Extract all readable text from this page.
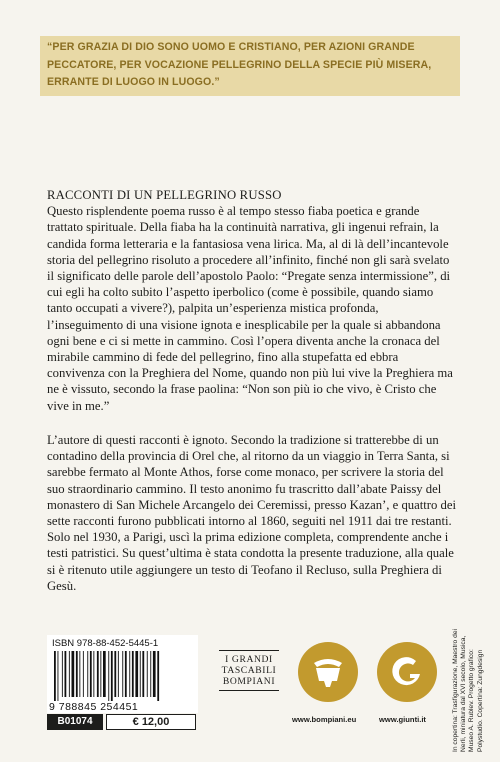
“PER GRAZIA DI DIO SONO UOMO E CRISTIANO, PER AZIONI GRANDE PECCATORE, PER VOCAZIONE PELLEGRINO DELLA SPECIE PIÙ MISERA, ERRANTE DI LUOGO IN LUOGO.”

RACCONTI DI UN PELLEGRINO RUSSO

Questo risplendente poema russo è al tempo stesso fiaba poetica e grande trattato spirituale. Della fiaba ha la continuità narrativa, gli ingenui refrain, la candida forma letteraria e la fantasiosa vena lirica. Ma, al di là dell’incantevole storia del pellegrino risoluto a procedere all’infinito, finché non gli sarà svelato il significato delle parole dell’apostolo Paolo: “Pregate senza intermissione”, di cui egli ha colto subito l’aspetto iperbolico (come è possibile, quando siamo tanto occupati a vivere?), palpita un’esperienza mistica profonda, l’inseguimento di una visione ignota e inesplicabile per la quale si abbandona ogni bene e ci si mette in cammino. Così l’opera diventa anche la cronaca del mirabile cammino di fede del pellegrino, fino alla stupefatta ed ebbra convivenza con la Preghiera del Nome, quando non più lui vive la Preghiera ma ne è vissuto, secondo la frase paolina: “Non son più io che vivo, è Cristo che vive in me.”

L’autore di questi racconti è ignoto. Secondo la tradizione si tratterebbe di un contadino della provincia di Orel che, al ritorno da un viaggio in Terra Santa, si sarebbe fermato al Monte Athos, forse come monaco, per scrivere la storia del suo straordinario cammino. Il testo anonimo fu trascritto dall’abate Paissy del monastero di San Michele Arcangelo dei Ceremissi, presso Kazan’, e quattro dei sette racconti furono pubblicati intorno al 1860, seguiti nel 1911 dai tre restanti. Solo nel 1930, a Parigi, uscì la prima edizione completa, comprendente anche i testi patristici. Su quest’ultima è stata condotta la presente traduzione, alla quale si è ritenuto utile aggiungere un testo di Teofano il Recluso, sulla Preghiera di Gesù.
ISBN 978-88-452-5445-1
9 788845 254451
B01074	€ 12,00
I GRANDI
TASCABILI
BOMPIANI
www.bompiani.eu	www.giunti.it	In copertina: Trasfigurazione, Maestro dei Nerli, miniatura dal XVI secolo, Musica, Museo A. Rublev. Progetto grafico: Polystudio. Copertina: Zungdesign
